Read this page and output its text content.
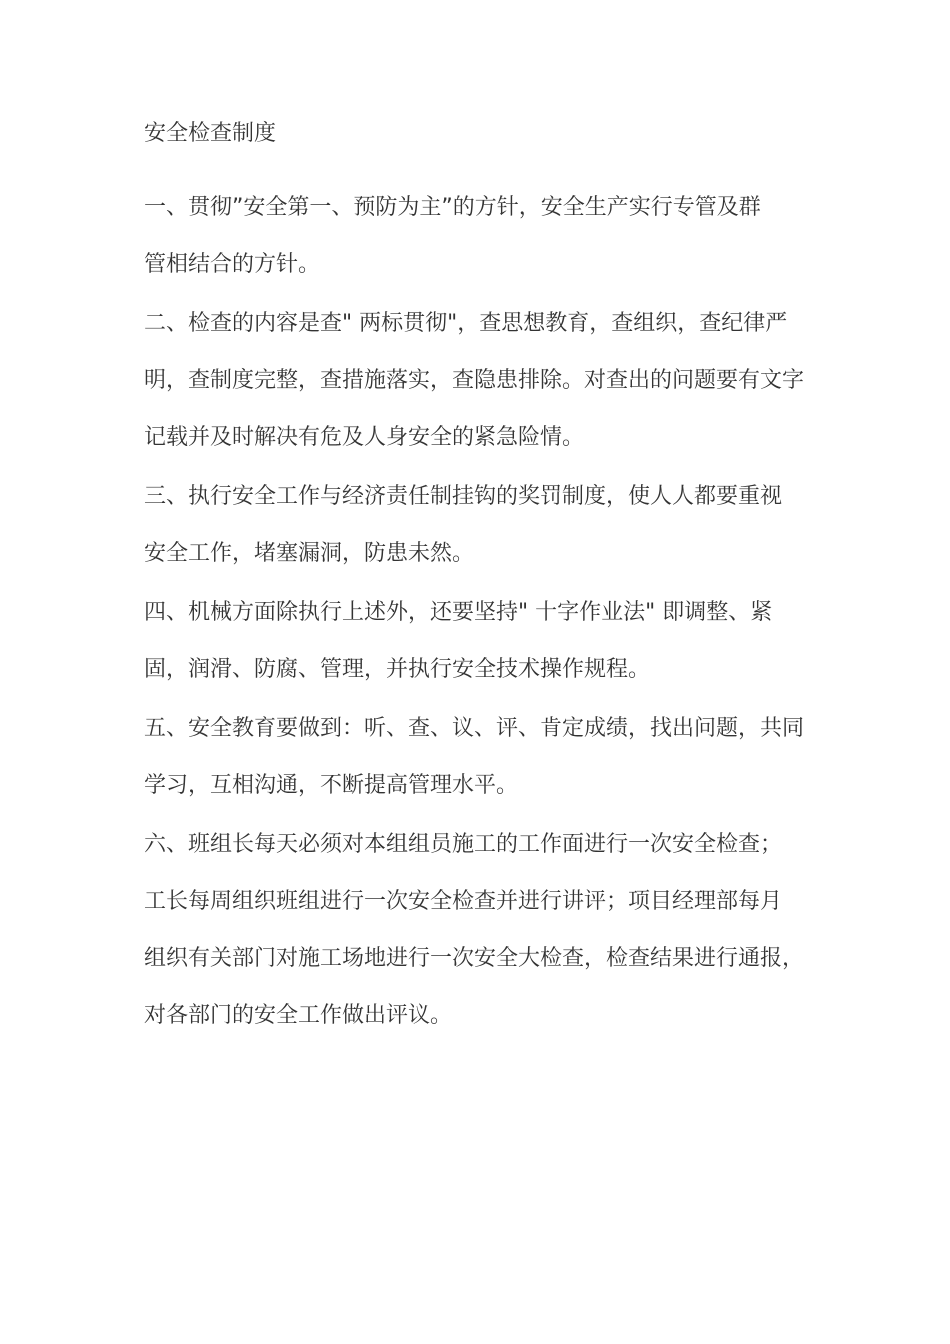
安全检查制度
一、贯彻”安全第一、预防为主”的方针，安全生产实行专管及群
管相结合的方针。
二、检查的内容是查" 两标贯彻"，查思想教育，查组织，查纪律严
明，查制度完整，查措施落实，查隐患排除。对查出的问题要有文字
记载并及时解决有危及人身安全的紧急险情。
三、执行安全工作与经济责任制挂钩的奖罚制度，使人人都要重视
安全工作，堵塞漏洞，防患未然。
四、机械方面除执行上述外，还要坚持" 十字作业法" 即调整、紧
固，润滑、防腐、管理，并执行安全技术操作规程。
五、安全教育要做到：听、查、议、评、肯定成绩，找出问题，共同
学习，互相沟通，不断提高管理水平。
六、班组长每天必须对本组组员施工的工作面进行一次安全检查；
工长每周组织班组进行一次安全检查并进行讲评；项目经理部每月
组织有关部门对施工场地进行一次安全大检查，检查结果进行通报，
对各部门的安全工作做出评议。
